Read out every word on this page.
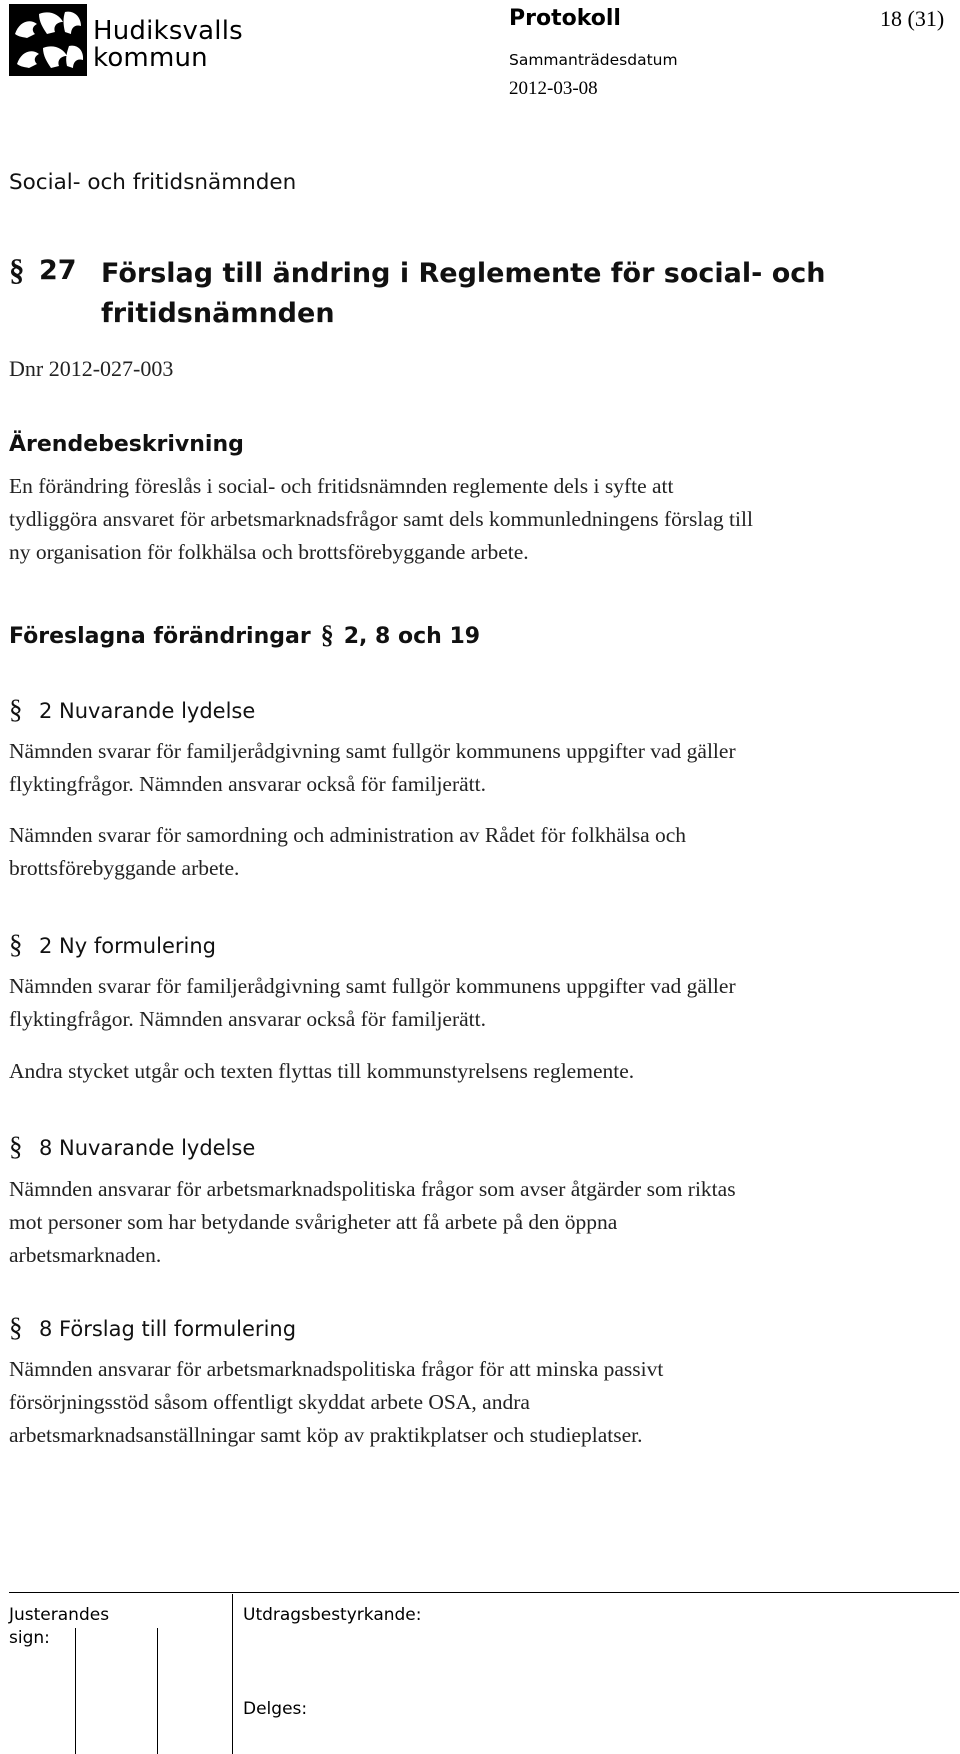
Hudiksvalls
kommun
Protokoll	18 (31)
Sammanträdesdatum
2012-03-08
Social- och fritidsnämnden
§ 27 Förslag till ändring i Reglemente för social- och
fritidsnämnden
Dnr 2012-027-003
Ärendebeskrivning
En förändring föreslås i social- och fritidsnämnden reglemente dels i syfte att
tydliggöra ansvaret för arbetsmarknadsfrågor samt dels kommunledningens förslag till
ny organisation för folkhälsa och brottsförebyggande arbete.
Föreslagna förändringar § 2, 8 och 19
§ 2 Nuvarande lydelse
Nämnden svarar för familjerådgivning samt fullgör kommunens uppgifter vad gäller
flyktingfrågor. Nämnden ansvarar också för familjerätt.
Nämnden svarar för samordning och administration av Rådet för folkhälsa och
brottsförebyggande arbete.
§ 2 Ny formulering
Nämnden svarar för familjerådgivning samt fullgör kommunens uppgifter vad gäller
flyktingfrågor. Nämnden ansvarar också för familjerätt.
Andra stycket utgår och texten flyttas till kommunstyrelsens reglemente.
§ 8 Nuvarande lydelse
Nämnden ansvarar för arbetsmarknadspolitiska frågor som avser åtgärder som riktas
mot personer som har betydande svårigheter att få arbete på den öppna
arbetsmarknaden.
§ 8 Förslag till formulering
Nämnden ansvarar för arbetsmarknadspolitiska frågor för att minska passivt
försörjningsstöd såsom offentligt skyddat arbete OSA, andra
arbetsmarknadsanställningar samt köp av praktikplatser och studieplatser.
Justerandes
sign:
Utdragsbestyrkande:
Delges:
